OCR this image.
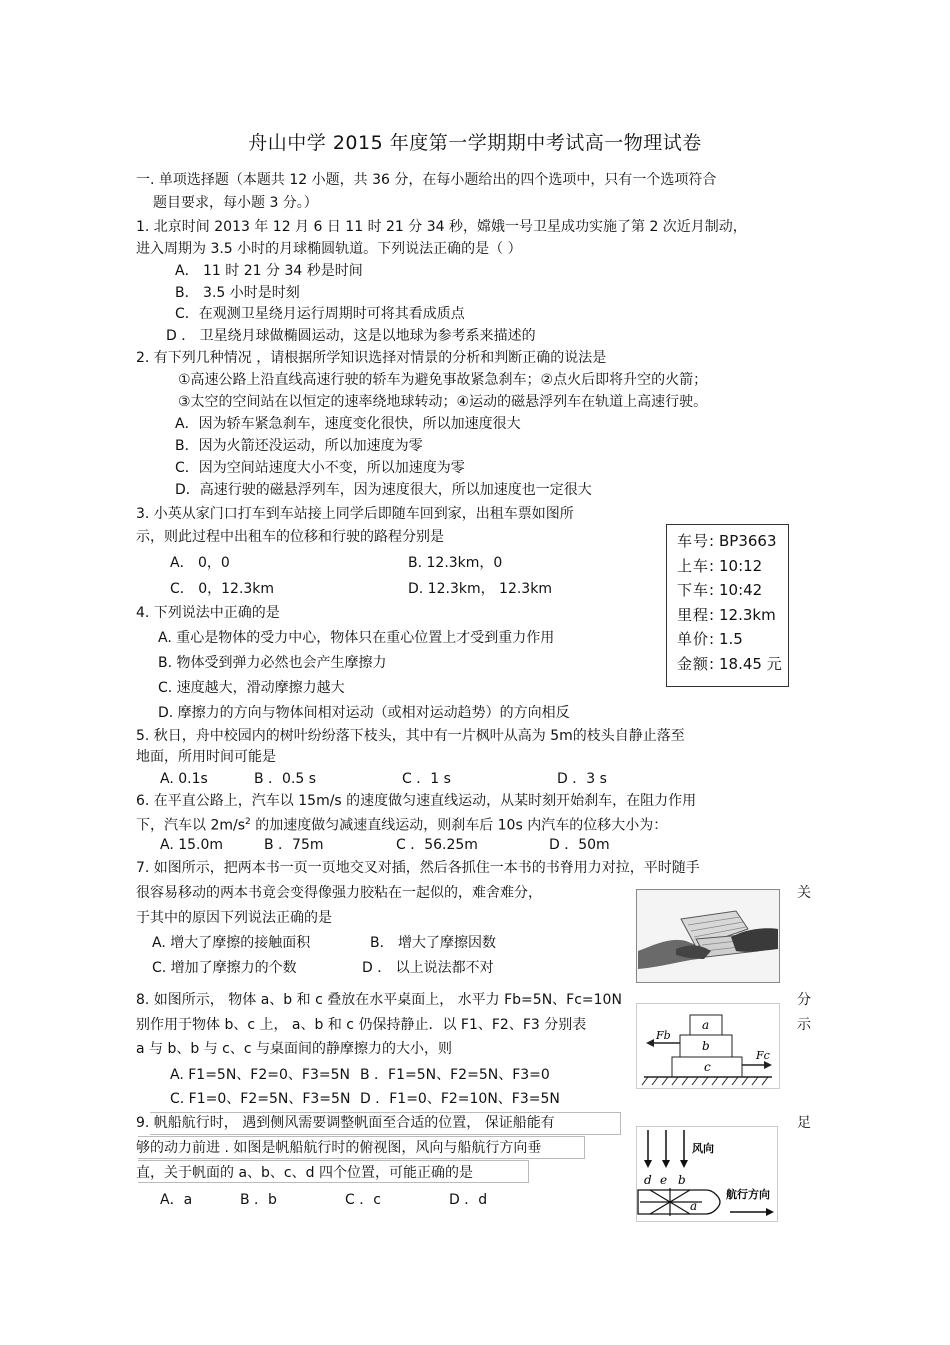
舟山中学 2015 年度第一学期期中考试高一物理试卷
一. 单项选择题（本题共 12 小题，共 36 分，在每小题给出的四个选项中，只有一个选项符合
题目要求，每小题 3 分。）
1. 北京时间 2013 年 12 月 6 日 11 时 21 分 34 秒，嫦娥一号卫星成功实施了第 2 次近月制动，
进入周期为 3.5 小时的月球椭圆轨道。下列说法正确的是（ ）
A． 11 时 21 分 34 秒是时间
B． 3.5 小时是时刻
C．在观测卫星绕月运行周期时可将其看成质点
D ． 卫星绕月球做椭圆运动，这是以地球为参考系来描述的
2. 有下列几种情况 ，请根据所学知识选择对情景的分析和判断正确的说法是
①高速公路上沿直线高速行驶的轿车为避免事故紧急刹车；②点火后即将升空的火箭；
③太空的空间站在以恒定的速率绕地球转动；④运动的磁悬浮列车在轨道上高速行驶。
A．因为轿车紧急刹车，速度变化很快，所以加速度很大
B．因为火箭还没运动，所以加速度为零
C．因为空间站速度大小不变，所以加速度为零
D．高速行驶的磁悬浮列车，因为速度很大，所以加速度也一定很大
3. 小英从家门口打车到车站接上同学后即随车回到家，出租车票如图所
示，则此过程中出租车的位移和行驶的路程分别是
A． 0，0	B. 12.3km，0
C． 0，12.3km	D. 12.3km， 12.3km
车号: BP3663
上车: 10:12
下车: 10:42
里程: 12.3km
单价: 1.5
金额: 18.45 元
4. 下列说法中正确的是
A. 重心是物体的受力中心，物体只在重心位置上才受到重力作用
B. 物体受到弹力必然也会产生摩擦力
C. 速度越大，滑动摩擦力越大
D. 摩擦力的方向与物体间相对运动（或相对运动趋势）的方向相反
5. 秋日，舟中校园内的树叶纷纷落下枝头，其中有一片枫叶从高为 5m的枝头自静止落至
地面，所用时间可能是
A. 0.1s	B ．0.5 s	C ．1 s	D ．3 s
6. 在平直公路上，汽车以 15m/s 的速度做匀速直线运动，从某时刻开始刹车，在阻力作用
下，汽车以 $2m/s^2$ 的加速度做匀减速直线运动，则刹车后 10s 内汽车的位移大小为：
A. 15.0m	B ．75m	C ．56.25m	D ．50m
7. 如图所示，把两本书一页一页地交叉对插，然后各抓住一本书的书脊用力对拉，平时随手
很容易移动的两本书竟会变得像强力胶粘在一起似的，难舍难分，	关
于其中的原因下列说法正确的是
A. 增大了摩擦的接触面积	B． 增大了摩擦因数
C. 增加了摩擦力的个数	D ． 以上说法都不对
8. 如图所示， 物体 a、b 和 c 叠放在水平桌面上， 水平力 Fb=5N、Fc=10N	分
别作用于物体 b、c 上， a、b 和 c 仍保持静止．以 F1、F2、F3 分别表	示
a 与 b、b 与 c、c 与桌面间的静摩擦力的大小，则
A. F1=5N、F2=0、F3=5N B ．F1=5N、F2=5N、F3=0
C. F1=0、F2=5N、F3=5N D ．F1=0、F2=10N、F3=5N
a
b
c
Fb
Fc
9. 帆船航行时， 遇到侧风需要调整帆面至合适的位置， 保证船能有	足
够的动力前进 . 如图是帆船航行时的俯视图，风向与船航行方向垂
直，关于帆面的 a、b、c、d 四个位置，可能正确的是
A．a	B ．b	C ．c	D ．d
风向
d e b
a
航行方向
